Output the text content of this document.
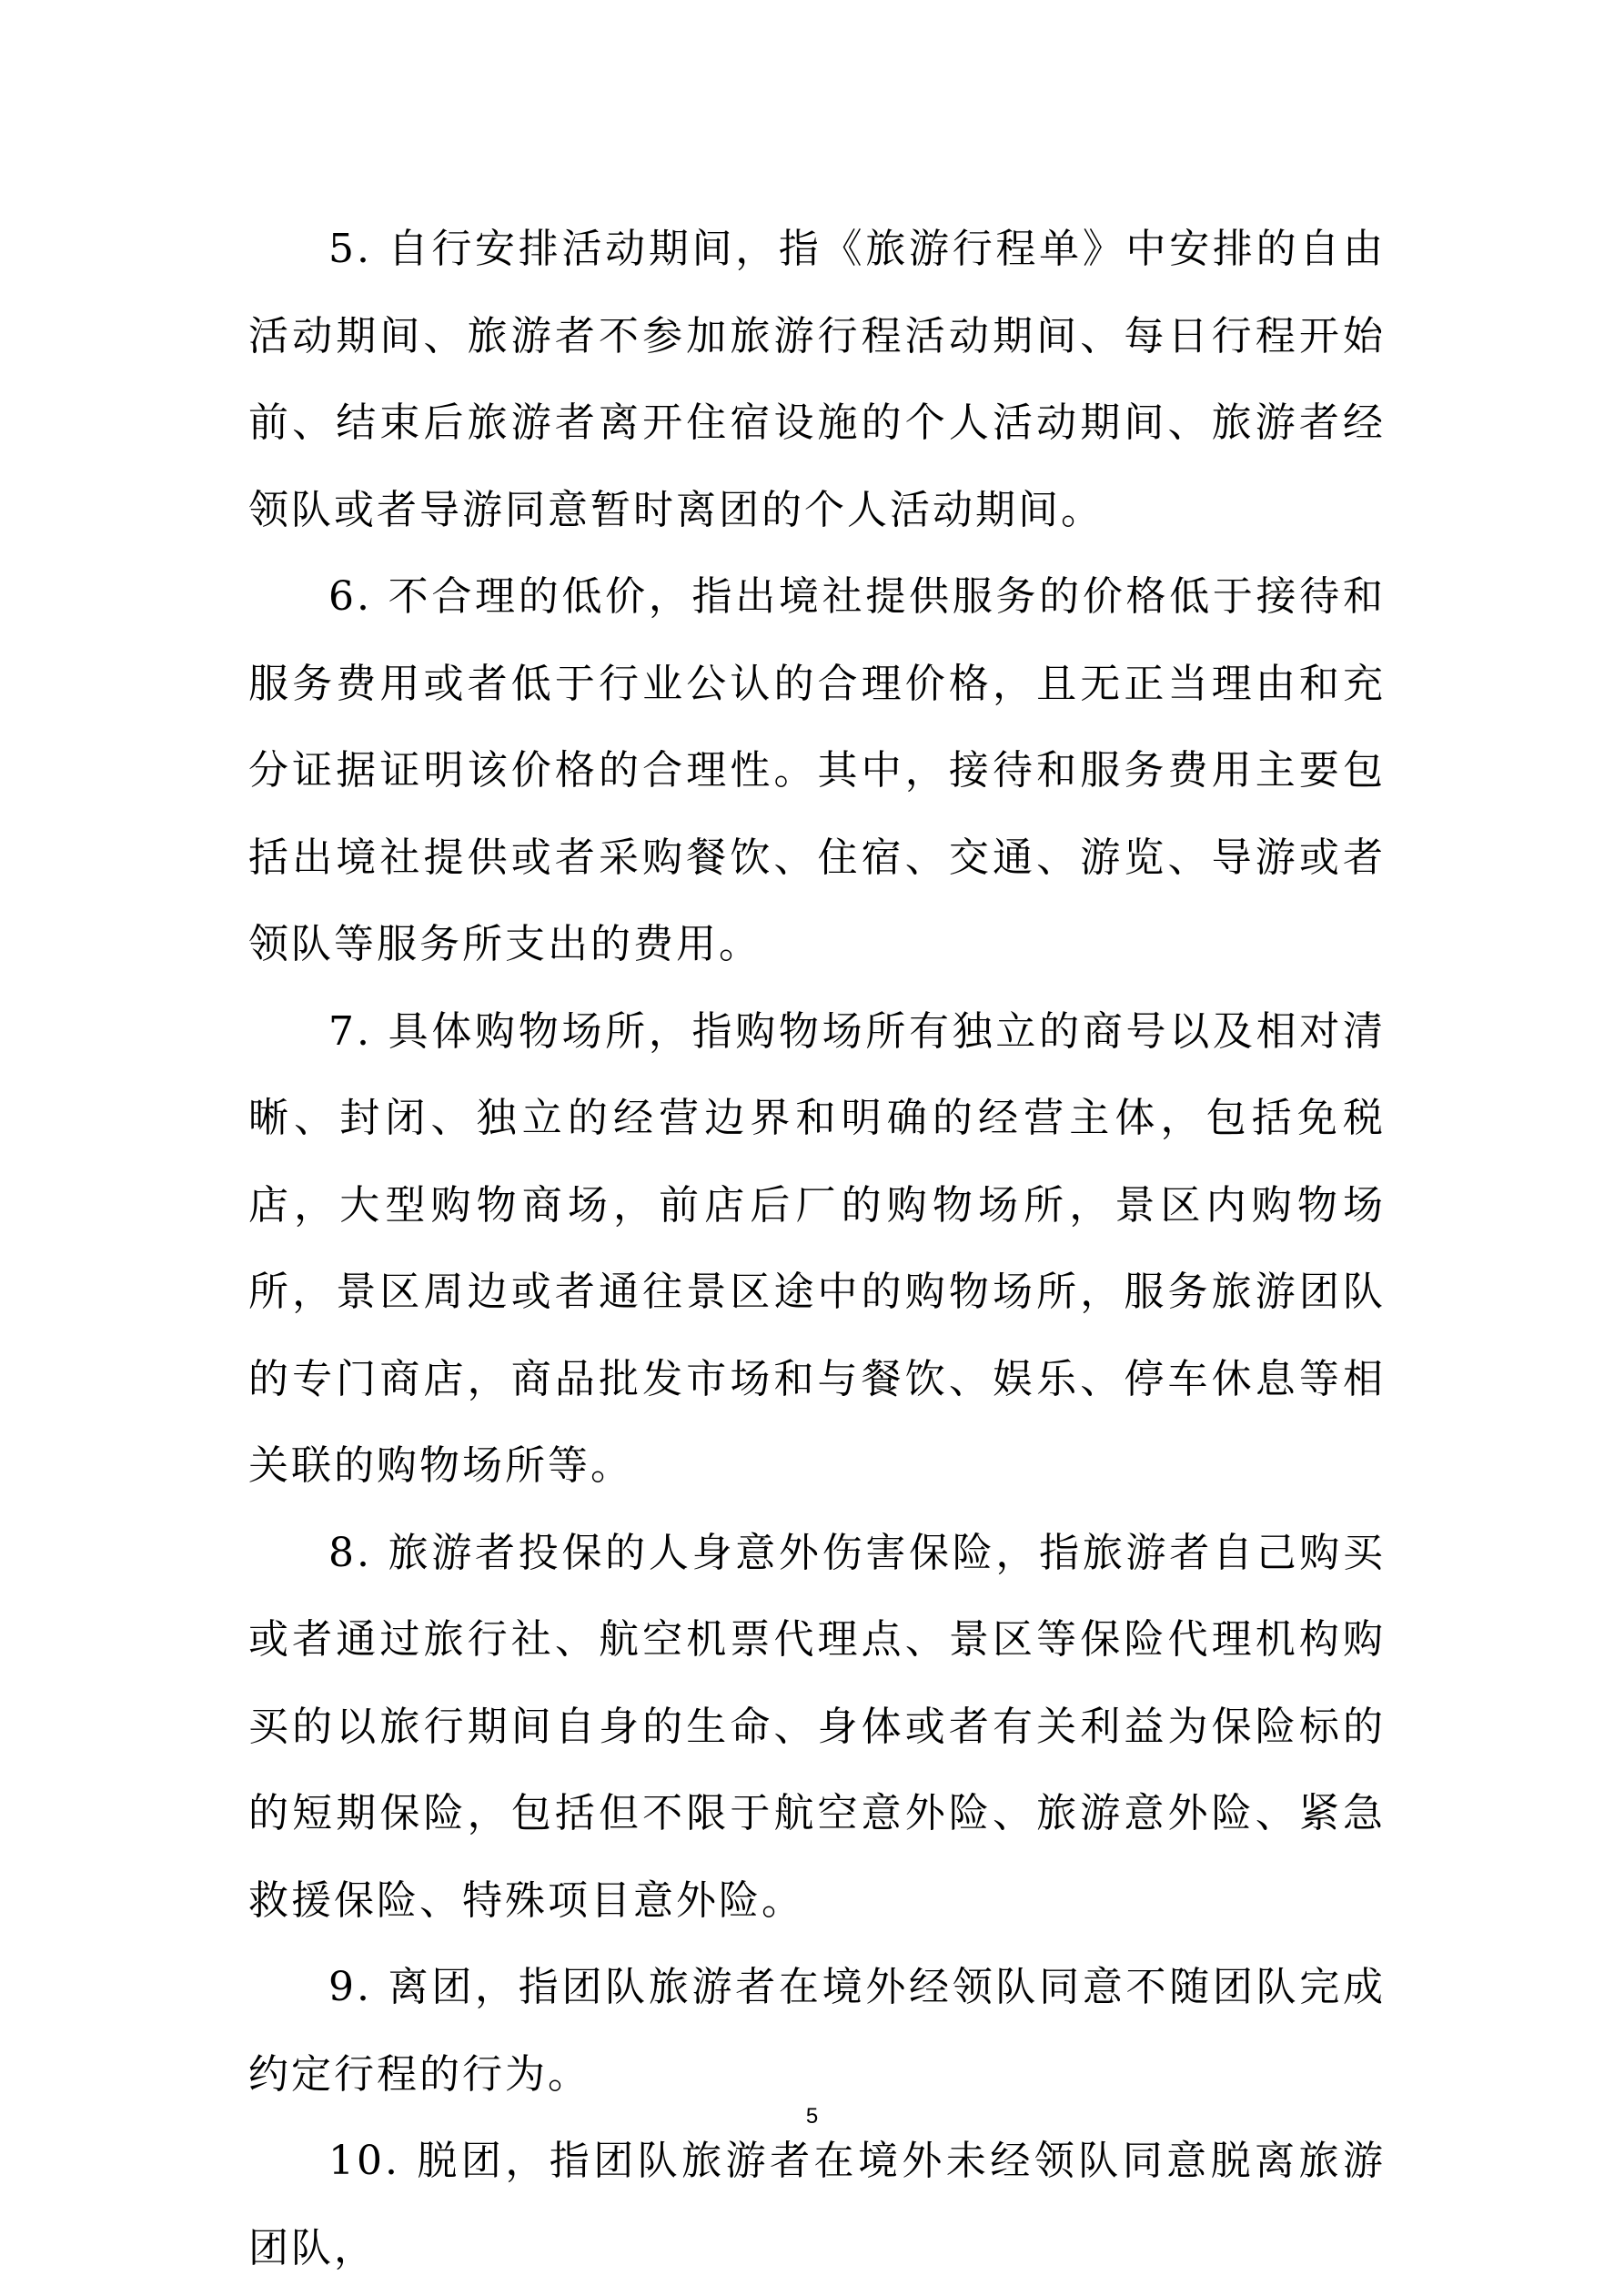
5. 自行安排活动期间，指《旅游行程单》中安排的自由活动期间、旅游者不参加旅游行程活动期间、每日行程开始前、结束后旅游者离开住宿设施的个人活动期间、旅游者经领队或者导游同意暂时离团的个人活动期间。

6. 不合理的低价，指出境社提供服务的价格低于接待和服务费用或者低于行业公认的合理价格，且无正当理由和充分证据证明该价格的合理性。其中，接待和服务费用主要包括出境社提供或者采购餐饮、住宿、交通、游览、导游或者领队等服务所支出的费用。

7. 具体购物场所，指购物场所有独立的商号以及相对清晰、封闭、独立的经营边界和明确的经营主体，包括免税店，大型购物商场，前店后厂的购物场所，景区内购物场所，景区周边或者通往景区途中的购物场所，服务旅游团队的专门商店，商品批发市场和与餐饮、娱乐、停车休息等相关联的购物场所等。

8. 旅游者投保的人身意外伤害保险，指旅游者自己购买或者通过旅行社、航空机票代理点、景区等保险代理机构购买的以旅行期间自身的生命、身体或者有关利益为保险标的的短期保险，包括但不限于航空意外险、旅游意外险、紧急救援保险、特殊项目意外险。

9. 离团，指团队旅游者在境外经领队同意不随团队完成约定行程的行为。

10. 脱团，指团队旅游者在境外未经领队同意脱离旅游团队，

5
